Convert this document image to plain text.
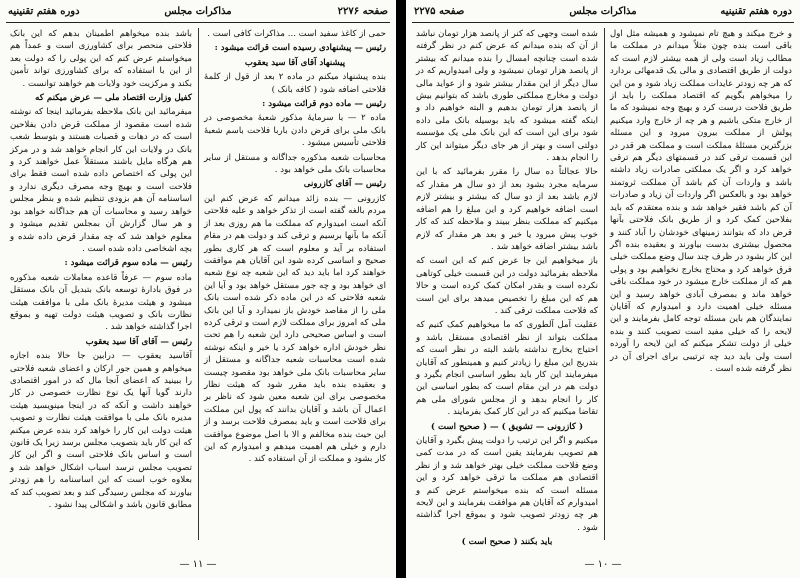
صفحه ۲۲۷۶
مذاکرات مجلس
دوره هفتم تقنینیه

حمی از کاغذ سفید است ... مذاکرات کافی است .

رئیس — پیشنهادی رسیده است قرائت میشود :

پیشنهاد آقای آقا سید یعقوب

بنده پیشنهاد میکنم در ماده ۲ بعد از قول از کلمهٔ فلاحتی اضافه شود ( کافه بانک )

رئیس — ماده دوم قرائت میشود :

ماده ۲ — با سرمایهٔ مذکور شعبهٔ مخصوصی در بانک ملی برای قرض دادن باربا فلاحت باسم شعبهٔ فلاحتی تأسیس میشود .

محاسبات شعبه مذکوره جداگانه و مستقل از سایر محاسبات بانک ملی خواهد بود .

رئیس — آقای کازرونی

کازرونی — بنده زائد میدانم که عرض کنم این مردم بالغه گفته است از تذکر خواهد و علیه فلاحتی آنکه است امیدوارم که مملکت ما هم روزی بعد از آنکه ما بآنها برسیم و ترقی کند و دولت هم در مقام استفاده بر آید و معلوم است که هر کاری بطور صحیح و اساسی کرده شود این آقایان هم موافقت خواهند کرد اما باید دید که این شعبه چه نوع شعبه ای خواهد بود و چه جور مستقل خواهد بود و آیا این شعبه فلاحتی که در این ماده ذکر شده است بانک ملی را از مقاصد خودش باز نمیدارد و آیا این بانک ملی که امروز برای مملکت لازم است و ترقی کرده است و اساس صحیحی دارد این شعبه را هم تحت نظر خودش اداره خواهد کرد یا خیر و اینکه نوشته شده است محاسبات شعبه جداگانه و مستقل از سایر محاسبات بانک ملی خواهد بود مقصود چیست و بعقیده بنده باید مقرر شود که هیئت نظار مخصوصی برای این شعبه معین شود که ناظر بر اعمال آن باشد و آقایان بدانند که پول این مملکت برای فلاحت است و باید بمصرف فلاحت برسد و از این حیث بنده مخالفم و الا با اصل موضوع موافقت دارم و خیلی هم اهمیت میدهم و امیدوارم که این کار بشود و مملکت از آن استفاده کند .

باشد بنده میخواهم اطمینان بدهم که این بانک فلاحتی منحصر برای کشاورزی است و عمداً هم میخواستم عرض کنم که این پولی را که دولت بعد از این با استفاده که برای کشاورزی تواند تأمین بکند و مرکزیت خود ولایات هم خواهند توانست .

کفیل وزارت اقتصاد ملی — عرض میکنم که

میفرمائید این بانک ملاحظه بفرمائید اینجا که نوشته شده است مقصود از مملکت قرض دادن بفلاحین است که در دهات و قصبات هستند و بتوسط شعب بانک در ولایات این کار انجام خواهد شد و در مرکز هم هرگاه مایل باشند مستقلاً عمل خواهند کرد و این پولی که اختصاص داده شده است فقط برای فلاحت است و بهیچ وجه مصرف دیگری ندارد و اساسنامه آن هم بزودی تنظیم شده و بنظر مجلس خواهد رسید و محاسبات آن هم جداگانه خواهد بود و هر سال گزارش آن بمجلس تقدیم میشود و معلوم خواهد شد که چه مقدار قرض داده شده و بچه اشخاصی داده شده است .

رئیس — ماده سوم قرائت میشود :

ماده سوم — عرفاً قاعده معاملات شعبه مذکوره در فوق بادارهٔ توسعه بانک بتبدیل آن بانک مستقل میشود و هیئت مدیرهٔ بانک ملی با موافقت هیئت نظارت بانک و تصویب هیئت دولت تهیه و بموقع اجرا گذاشته خواهد شد .

رئیس — آقای آقا سید یعقوب

آقاسید یعقوب — درابین جا حالا بنده اجازه میخواهم و همین جور ارکان و اعضای شعبه فلاحتی را ببینید که اعضای آنجا مال که در امور اقتصادی دارند گویا آنها یک نوع نظارت خصوصی در کار خواهند داشت و آنکه که در اینجا مینویسید هیئت مدیره بانک ملی با موافقت هیئت نظارت و تصویب هیئت دولت این کار را خواهد کرد بنده عرض میکنم که این کار باید بتصویب مجلس برسد زیرا یک قانون است و اساس بانک فلاحتی است و اگر این کار تصویب مجلس نرسد اسباب اشکال خواهد شد و بعلاوه خوب است که این اساسنامه را هم زودتر بیاورند که مجلس رسیدگی کند و بعد تصویب کند که مطابق قانون باشد و اشکالی پیدا نشود .

— ۱۱ —
دوره هفتم تقنینیه
مذاکرات مجلس
صفحه ۲۲۷۵

و خرج میکند و هیچ تام نمیشود و همیشه مثل اول باقی است بنده چون مثلاً میدانم در مملکت ما مطالب زیاد است ولی از همه بیشتر لازم است که دولت از طریق اقتصادی و مالی یک قدمهائی بردارد که هر چه زودتر عایدات مملکت زیاد شود و من این را میخواهم بگویم که اقتصاد مملکت را باید از طریق فلاحت درست کرد و بهیچ وجه نمیشود که ما از خارج متکی باشیم و هر چه از خارج وارد میکنیم پولش از مملکت بیرون میرود و این مسئله بزرگترین مسئلهٔ مملکت است و مملکت هر قدر در این قسمت ترقی کند در قسمتهای دیگر هم ترقی خواهد کرد و اگر یک مملکتی صادرات زیاد داشته باشد و واردات آن کم باشد آن مملکت ثروتمند خواهد بود و بالعکس اگر واردات آن زیاد و صادرات آن کم باشد فقیر خواهد شد و بنده معتقدم که باید بفلاحین کمک کرد و از طریق بانک فلاحتی بآنها قرض داد که بتوانند زمینهای خودشان را آباد کنند و محصول بیشتری بدست بیاورند و بعقیده بنده اگر این کار بشود در ظرف چند سال وضع مملکت خیلی فرق خواهد کرد و محتاج بخارج نخواهیم بود و پولی هم که از مملکت خارج میشود در خود مملکت باقی خواهد ماند و بمصرف آبادی خواهد رسید و این مسئله خیلی اهمیت دارد و امیدوارم که آقایان نمایندگان هم باین مسئله توجه کامل بفرمایند و این لایحه را که خیلی مفید است تصویب کنند و بنده خیلی از دولت تشکر میکنم که این لایحه را آورده است ولی باید دید چه ترتیبی برای اجرای آن در نظر گرفته شده است .

شده است وجهی که کنر از پانصد هزار تومان نباشد از آن که بنده میدانم که عرض کنم در نظر گرفته شده است چنانچه امسال را بنده میدانم که بیشتر از پانصد هزار تومان نمیشود و ولی امیدواریم که در سال دیگر از این مقدار بیشتر شود و از عواید مالی دولت و مخارج مملکتی طوری باشد که بتوانیم بیش از پانصد هزار تومان بدهیم و البته خواهیم داد و اینکه گفته میشود که باید بوسیله بانک ملی داده شود برای این است که این بانک ملی یک مؤسسه دولتی است و بهتر از هر جای دیگر میتواند این کار را انجام بدهد .

حالا عجالتاً ده سال را مقرر بفرمائید که با این سرمایه مجرد بشود بعد از دو سال هر مقدار که لازم باشد بعد از دو سال که بیشتر و بیشتر لازم است اضافه خواهیم کرد و این مبلغ را هم اضافه میکنیم که مملکت بنظر ببیند و ملاحظه کند که کار خوب پیش میرود یا خیر و بعد هر مقدار که لازم باشد بیشتر اضافه خواهد شد .

باز میخواهیم این جا عرض کنم که این است که ملاحظه بفرمائید دولت در این قسمت خیلی کوتاهی نکرده است و بقدر امکان کمک کرده است و حالا هم که این مبلغ را تخصیص میدهد برای این است که فلاحت مملکت ترقی کند .

عقلیت آمل آلطوری که ما میخواهیم کمک کنیم که مملکت بتواند از نظر اقتصادی مستقل باشد و احتیاج بخارج نداشته باشد البته در نظر است که بتدریج این مبلغ را زیادتر کنیم و همینطور که آقایان میفرمایند این کار باید بطور اساسی انجام بگیرد و دولت هم در این مقام است که بطور اساسی این کار را انجام بدهد و از مجلس شورای ملی هم تقاضا میکنیم که در این کار کمک بفرمایند .

( کازرونی — تشویق ) — ( صحیح است )

میکنیم و اگر این ترتیب را دولت پیش بگیرد و آقایان هم تصویب بفرمایند یقین است که در مدت کمی وضع فلاحت مملکت خیلی بهتر خواهد شد و از نظر اقتصادی هم مملکت ما ترقی خواهد کرد و این مسئله است که بنده میخواستم عرض کنم و امیدوارم که آقایان هم موافقت بفرمایند و این لایحه هر چه زودتر تصویب شود و بموقع اجرا گذاشته شود .

باید بکنند ( صحیح است )

— ۱۰ —
